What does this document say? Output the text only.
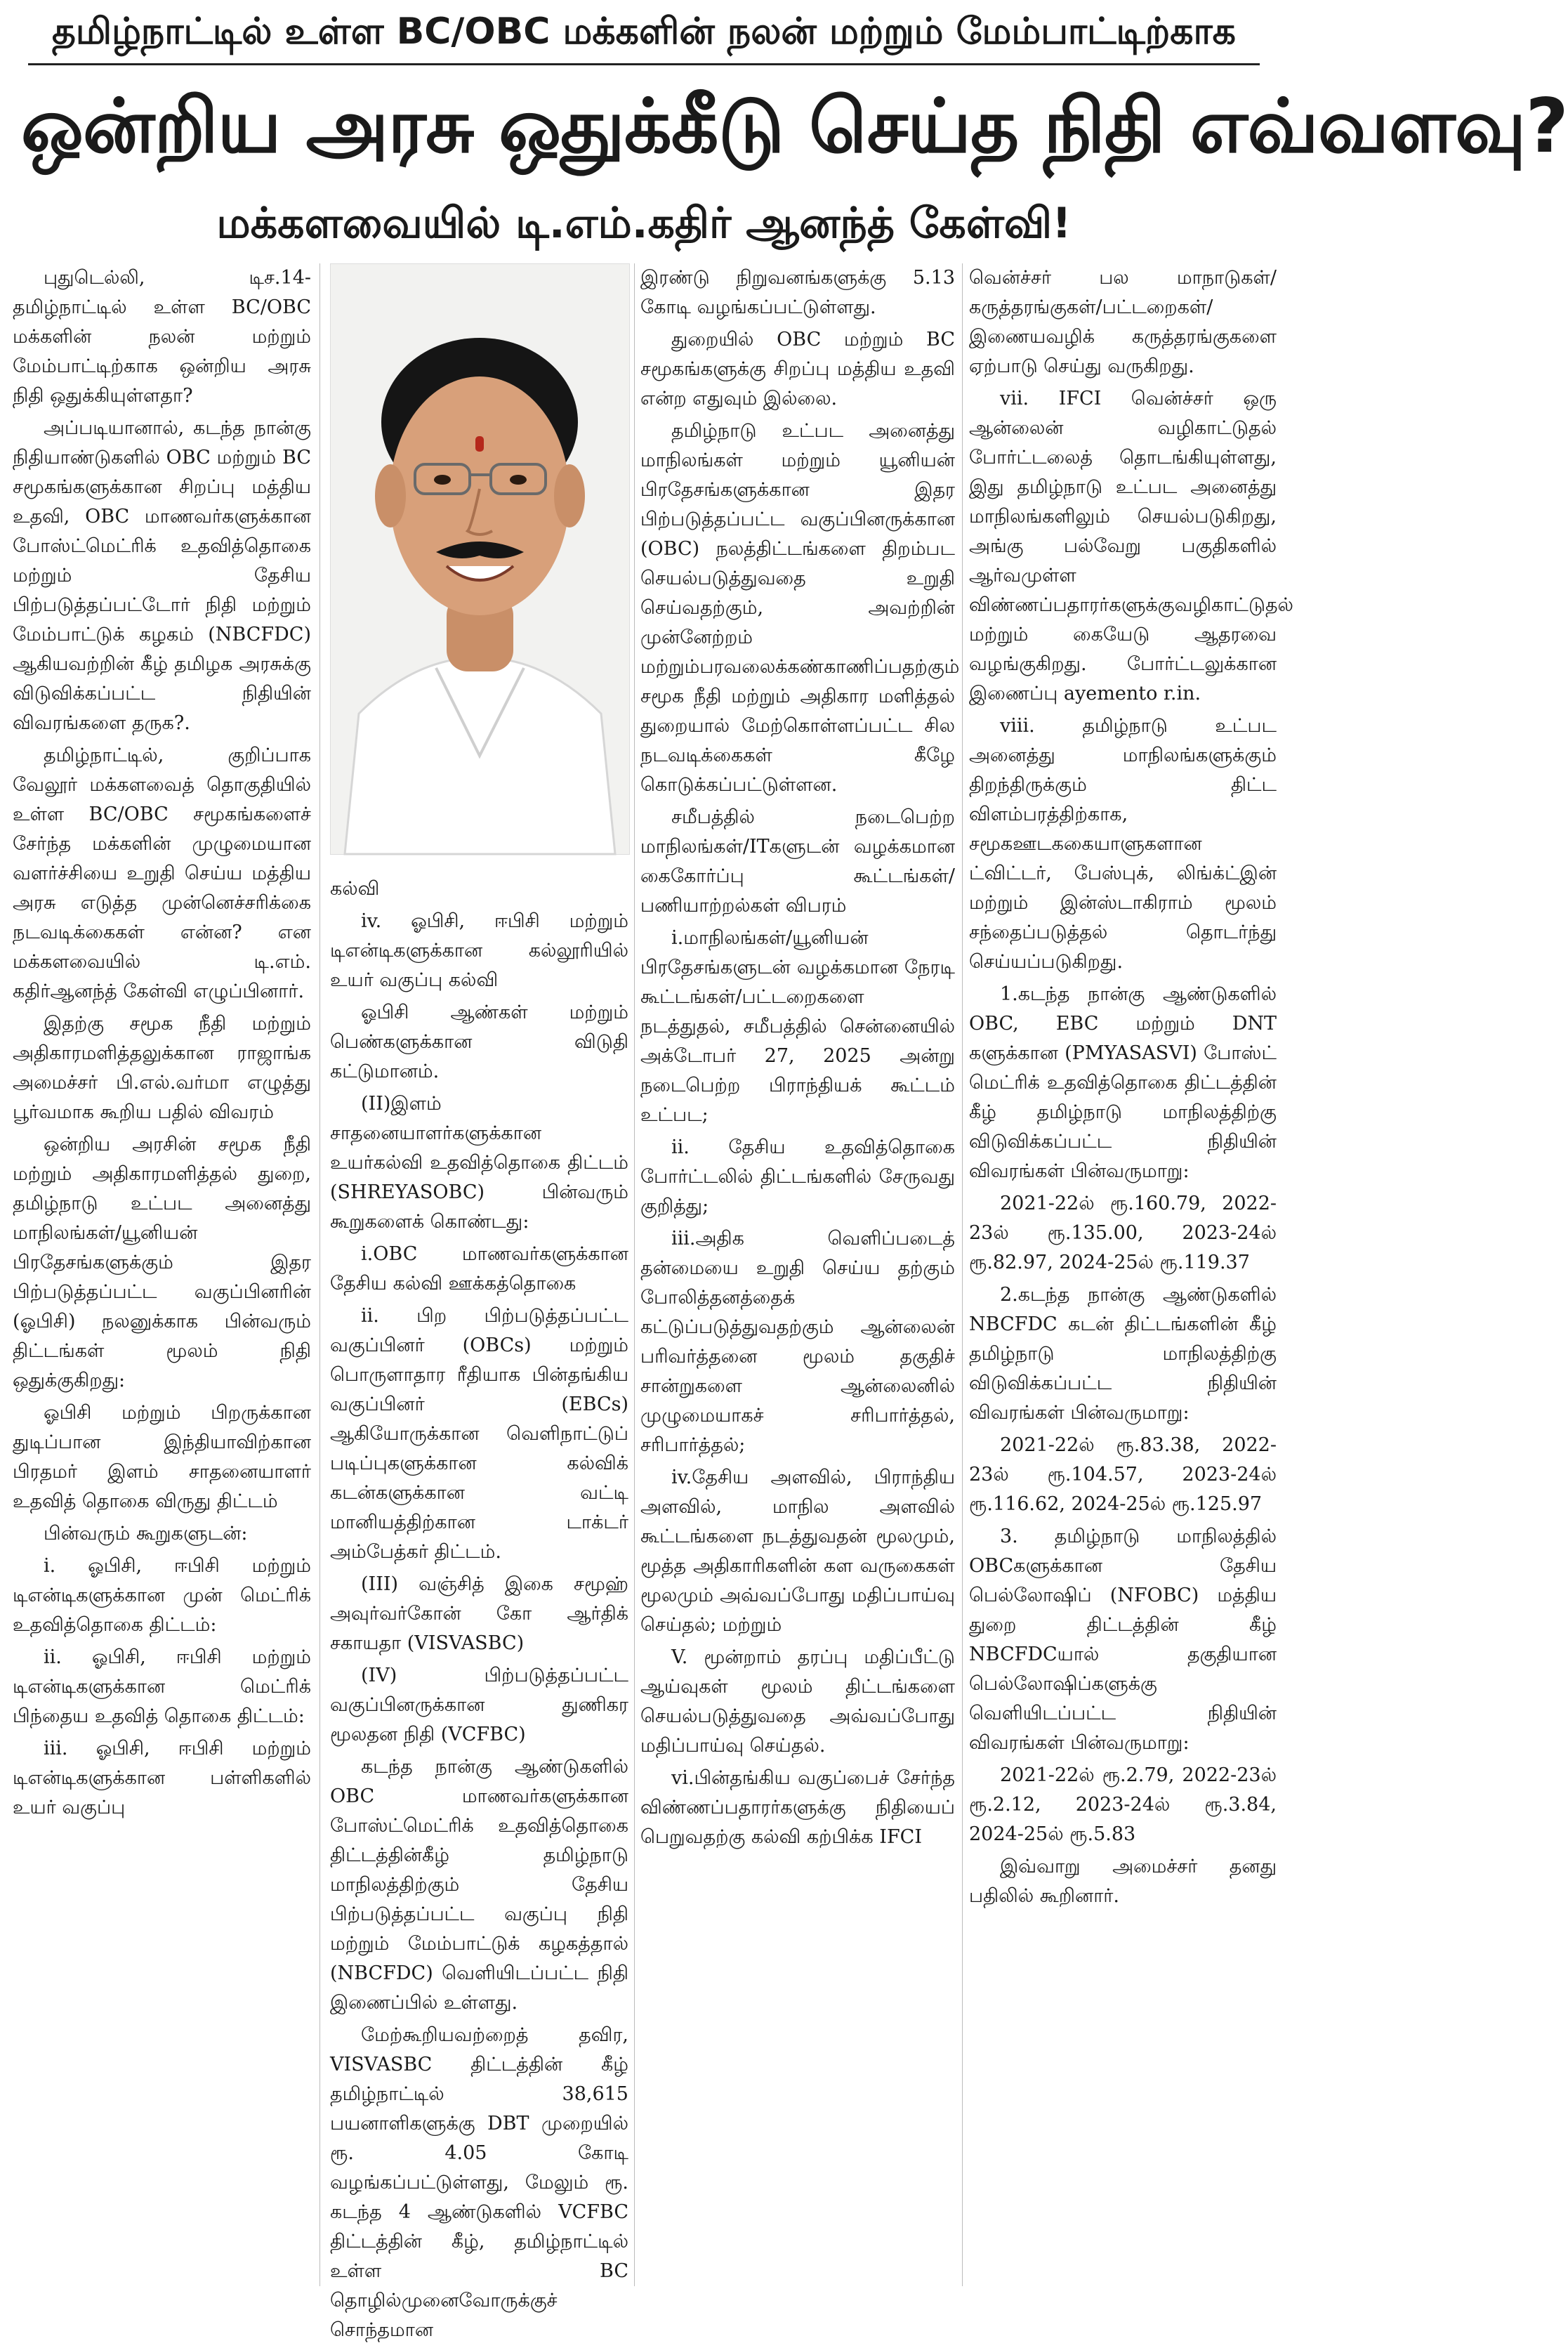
தமிழ்நாட்டில் உள்ள BC/OBC மக்களின் நலன் மற்றும் மேம்பாட்டிற்காக
ஒன்றிய அரசு ஒதுக்கீடு செய்த நிதி எவ்வளவு?
மக்களவையில் டி.எம்.கதிர் ஆனந்த் கேள்வி!

புதுடெல்லி, டிச.14- தமிழ்நாட்டில் உள்ள BC/OBC மக்களின் நலன் மற்றும் மேம்பாட்டிற்காக ஒன்றிய அரசு நிதி ஒதுக்கியுள்ளதா?

அப்படியானால், கடந்த நான்கு நிதியாண்டுகளில் OBC மற்றும் BC சமூகங்களுக்கான சிறப்பு மத்திய உதவி, OBC மாணவர்களுக்கான போஸ்ட்மெட்ரிக் உதவித்தொகை மற்றும் தேசிய பிற்படுத்தப்பட்டோர் நிதி மற்றும் மேம்பாட்டுக் கழகம் (NBCFDC) ஆகியவற்றின் கீழ் தமிழக அரசுக்கு விடுவிக்கப்பட்ட நிதியின் விவரங்களை தருக?.

தமிழ்நாட்டில், குறிப்பாக வேலூர் மக்களவைத் தொகுதியில் உள்ள BC/OBC சமூகங்களைச் சேர்ந்த மக்களின் முழுமையான வளர்ச்சியை உறுதி செய்ய மத்திய அரசு எடுத்த முன்னெச்சரிக்கை நடவடிக்கைகள் என்ன? என மக்களவையில் டி.எம். கதிர்ஆனந்த் கேள்வி எழுப்பினார்.

இதற்கு சமூக நீதி மற்றும் அதிகாரமளித்தலுக்கான ராஜாங்க அமைச்சர் பி.எல்.வர்மா எழுத்து பூர்வமாக கூறிய பதில் விவரம்

ஒன்றிய அரசின் சமூக நீதி மற்றும் அதிகாரமளித்தல் துறை, தமிழ்நாடு உட்பட அனைத்து மாநிலங்கள்/யூனியன் பிரதேசங்களுக்கும் இதர பிற்படுத்தப்பட்ட வகுப்பினரின் (ஓபிசி) நலனுக்காக பின்வரும் திட்டங்கள் மூலம் நிதி ஒதுக்குகிறது:

ஓபிசி மற்றும் பிறருக்கான துடிப்பான இந்தியாவிற்கான பிரதமர் இளம் சாதனையாளர் உதவித் தொகை விருது திட்டம்

பின்வரும் கூறுகளுடன்:

i. ஓபிசி, ஈபிசி மற்றும் டிஎன்டிகளுக்கான முன் மெட்ரிக் உதவித்தொகை திட்டம்:

ii. ஓபிசி, ஈபிசி மற்றும் டிஎன்டிகளுக்கான மெட்ரிக் பிந்தைய உதவித் தொகை திட்டம்:

iii. ஓபிசி, ஈபிசி மற்றும் டிஎன்டிகளுக்கான பள்ளிகளில் உயர் வகுப்பு

கல்வி

iv. ஓபிசி, ஈபிசி மற்றும் டிஎன்டிகளுக்கான கல்லூரியில் உயர் வகுப்பு கல்வி

ஓபிசி ஆண்கள் மற்றும் பெண்களுக்கான விடுதி கட்டுமானம்.

(II)இளம் சாதனையாளர்களுக்கான உயர்கல்வி உதவித்தொகை திட்டம் (SHREYASOBC) பின்வரும் கூறுகளைக் கொண்டது:

i.OBC மாணவர்களுக்கான தேசிய கல்வி ஊக்கத்தொகை

ii. பிற பிற்படுத்தப்பட்ட வகுப்பினர் (OBCs) மற்றும் பொருளாதார ரீதியாக பின்தங்கிய வகுப்பினர் (EBCs) ஆகியோருக்கான வெளிநாட்டுப் படிப்புகளுக்கான கல்விக் கடன்களுக்கான வட்டி மானியத்திற்கான டாக்டர் அம்பேத்கர் திட்டம்.

(III) வஞ்சித் இகை சமூஹ் அவுர்வர்கோன் கோ ஆர்திக் சகாயதா (VISVASBC)

(IV) பிற்படுத்தப்பட்ட வகுப்பினருக்கான துணிகர மூலதன நிதி (VCFBC)

கடந்த நான்கு ஆண்டுகளில் OBC மாணவர்களுக்கான போஸ்ட்மெட்ரிக் உதவித்தொகை திட்டத்தின்கீழ் தமிழ்நாடு மாநிலத்திற்கும் தேசிய பிற்படுத்தப்பட்ட வகுப்பு நிதி மற்றும் மேம்பாட்டுக் கழகத்தால் (NBCFDC) வெளியிடப்பட்ட நிதி இணைப்பில் உள்ளது.

மேற்கூறியவற்றைத் தவிர, VISVASBC திட்டத்தின் கீழ் தமிழ்நாட்டில் 38,615 பயனாளிகளுக்கு DBT முறையில் ரூ. 4.05 கோடி வழங்கப்பட்டுள்ளது, மேலும் ரூ. கடந்த 4 ஆண்டுகளில் VCFBC திட்டத்தின் கீழ், தமிழ்நாட்டில் உள்ள BC தொழில்முனைவோருக்குச் சொந்தமான

இரண்டு நிறுவனங்களுக்கு 5.13 கோடி வழங்கப்பட்டுள்ளது.

துறையில் OBC மற்றும் BC சமூகங்களுக்கு சிறப்பு மத்திய உதவி என்ற எதுவும் இல்லை.

தமிழ்நாடு உட்பட அனைத்து மாநிலங்கள் மற்றும் யூனியன் பிரதேசங்களுக்கான இதர பிற்படுத்தப்பட்ட வகுப்பினருக்கான (OBC) நலத்திட்டங்களை திறம்பட செயல்படுத்துவதை உறுதி செய்வதற்கும், அவற்றின் முன்னேற்றம் மற்றும்பரவலைக்கண்காணிப்பதற்கும் சமூக நீதி மற்றும் அதிகார மளித்தல் துறையால் மேற்கொள்ளப்பட்ட சில நடவடிக்கைகள் கீழே கொடுக்கப்பட்டுள்ளன.

சமீபத்தில் நடைபெற்ற மாநிலங்கள்/ITகளுடன் வழக்கமான கைகோர்ப்பு கூட்டங்கள்/பணியாற்றல்கள் விபரம்

i.மாநிலங்கள்/யூனியன் பிரதேசங்களுடன் வழக்கமான நேரடி கூட்டங்கள்/பட்டறைகளை நடத்துதல், சமீபத்தில் சென்னையில் அக்டோபர் 27, 2025 அன்று நடைபெற்ற பிராந்தியக் கூட்டம் உட்பட;

ii. தேசிய உதவித்தொகை போர்ட்டலில் திட்டங்களில் சேருவது குறித்து;

iii.அதிக வெளிப்படைத் தன்மையை உறுதி செய்ய தற்கும் போலித்தனத்தைக் கட்டுப்படுத்துவதற்கும் ஆன்லைன் பரிவர்த்தனை மூலம் தகுதிச் சான்றுகளை ஆன்லைனில் முழுமையாகச் சரிபார்த்தல், சரிபார்த்தல்;

iv.தேசிய அளவில், பிராந்திய அளவில், மாநில அளவில் கூட்டங்களை நடத்துவதன் மூலமும், மூத்த அதிகாரிகளின் கள வருகைகள் மூலமும் அவ்வப்போது மதிப்பாய்வு செய்தல்; மற்றும்

V. மூன்றாம் தரப்பு மதிப்பீட்டு ஆய்வுகள் மூலம் திட்டங்களை செயல்படுத்துவதை அவ்வப்போது மதிப்பாய்வு செய்தல்.

vi.பின்தங்கிய வகுப்பைச் சேர்ந்த விண்ணப்பதாரர்களுக்கு நிதியைப் பெறுவதற்கு கல்வி கற்பிக்க IFCI

வென்ச்சர் பல மாநாடுகள்/கருத்தரங்குகள்/பட்டறைகள்/இணையவழிக் கருத்தரங்குகளை ஏற்பாடு செய்து வருகிறது.

vii. IFCI வென்ச்சர் ஒரு ஆன்லைன் வழிகாட்டுதல் போர்ட்டலைத் தொடங்கியுள்ளது, இது தமிழ்நாடு உட்பட அனைத்து மாநிலங்களிலும் செயல்படுகிறது, அங்கு பல்வேறு பகுதிகளில் ஆர்வமுள்ள விண்ணப்பதாரர்களுக்குவழிகாட்டுதல் மற்றும் கையேடு ஆதரவை வழங்குகிறது. போர்ட்டலுக்கான இணைப்பு ayemento r.in.

viii. தமிழ்நாடு உட்பட அனைத்து மாநிலங்களுக்கும் திறந்திருக்கும் திட்ட விளம்பரத்திற்காக, சமூகஊடககையாளுகளான ட்விட்டர், பேஸ்புக், லிங்க்ட்இன் மற்றும் இன்ஸ்டாகிராம் மூலம் சந்தைப்படுத்தல் தொடர்ந்து செய்யப்படுகிறது.

1.கடந்த நான்கு ஆண்டுகளில் OBC, EBC மற்றும் DNT களுக்கான (PMYASASVI) போஸ்ட் மெட்ரிக் உதவித்தொகை திட்டத்தின் கீழ் தமிழ்நாடு மாநிலத்திற்கு விடுவிக்கப்பட்ட நிதியின் விவரங்கள் பின்வருமாறு:

2021-22ல் ரூ.160.79, 2022-23ல் ரூ.135.00, 2023-24ல் ரூ.82.97, 2024-25ல் ரூ.119.37

2.கடந்த நான்கு ஆண்டுகளில் NBCFDC கடன் திட்டங்களின் கீழ் தமிழ்நாடு மாநிலத்திற்கு விடுவிக்கப்பட்ட நிதியின் விவரங்கள் பின்வருமாறு:

2021-22ல் ரூ.83.38, 2022-23ல் ரூ.104.57, 2023-24ல் ரூ.116.62, 2024-25ல் ரூ.125.97

3. தமிழ்நாடு மாநிலத்தில் OBCகளுக்கான தேசிய பெல்லோஷிப் (NFOBC) மத்திய துறை திட்டத்தின் கீழ் NBCFDCயால் தகுதியான பெல்லோஷிப்களுக்கு வெளியிடப்பட்ட நிதியின் விவரங்கள் பின்வருமாறு:

2021-22ல் ரூ.2.79, 2022-23ல் ரூ.2.12, 2023-24ல் ரூ.3.84, 2024-25ல் ரூ.5.83

இவ்வாறு அமைச்சர் தனது பதிலில் கூறினார்.
